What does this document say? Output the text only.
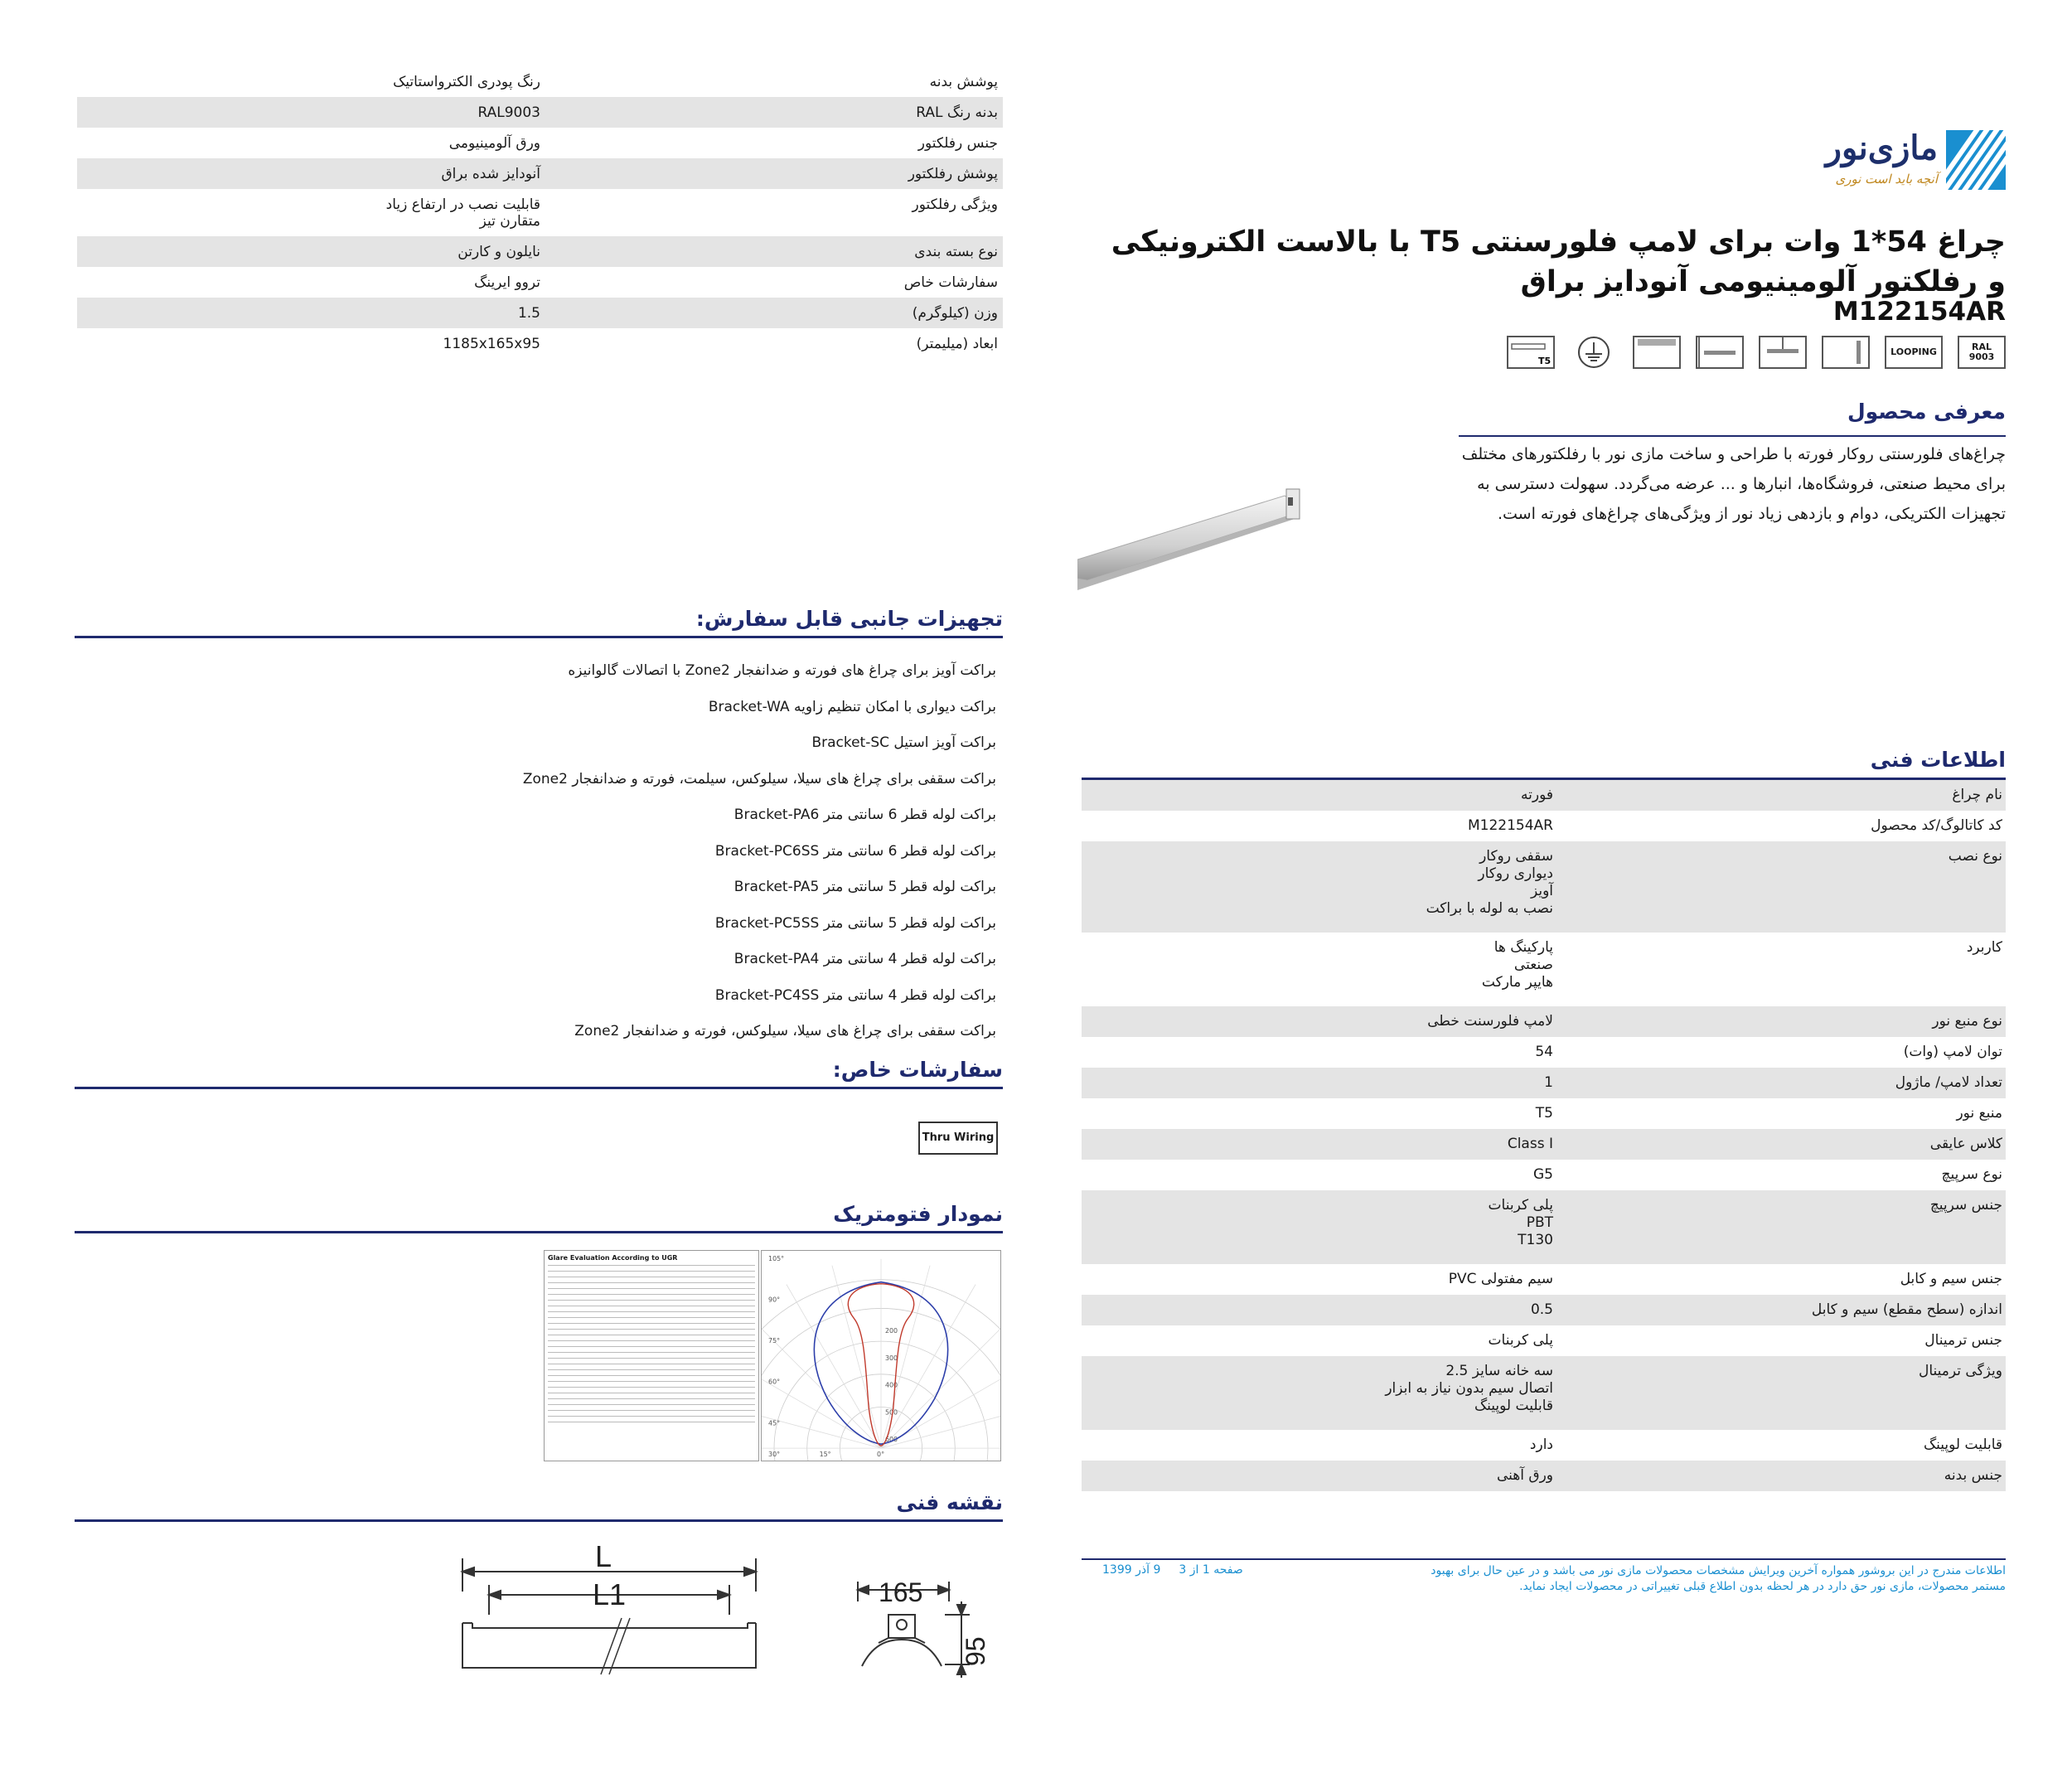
مازی‌نور
آنچه باید است نوری
چراغ 54*1 وات برای لامپ فلورسنتی T5 با بالاست الکترونیکی و رفلکتور آلومینیومی آنودایز براق
M122154AR
RAL
9003
LOOPING
T5
معرفی محصول
چراغ‌های فلورسنتی روکار فورته با طراحی و ساخت مازی نور با رفلکتورهای مختلف برای محیط صنعتی، فروشگاه‌ها، انبارها و ... عرضه می‌گردد. سهولت دسترسی به تجهیزات الکتریکی، دوام و بازدهی زیاد نور از ویژگی‌های چراغ‌های فورته است.
اطلاعات فنی
نام چراغ	فورته

کد کاتالوگ/کد محصول	M122154AR

نوع نصب	سقفی روکار
دیواری روکار
آویز
نصب به لوله با براکت

کاربرد	پارکینگ ها
صنعتی
هایپر مارکت

نوع منبع نور	لامپ فلورسنت خطی

توان لامپ (وات)	54

تعداد لامپ/ ماژول	1

منبع نور	T5

کلاس عایقی	Class I

نوع سرپیچ	G5

جنس سرپیچ	پلی کربنات
PBT
T130

جنس سیم و کابل	سیم مفتولی PVC

اندازه (سطح مقطع) سیم و کابل	0.5

جنس ترمینال	پلی کربنات

ویژگی ترمینال	سه خانه سایز 2.5
اتصال سیم بدون نیاز به ابزار
قابلیت لوپینگ

قابلیت لوپینگ	دارد

جنس بدنه	ورق آهنی
اطلاعات مندرج در این بروشور همواره آخرین ویرایش مشخصات محصولات مازی نور می باشد و در عین حال برای بهبود مستمر محصولات، مازی نور حق دارد در هر لحظه بدون اطلاع قبلی تغییراتی در محصولات ایجاد نماید.
صفحه 1 از 3
9 آذر 1399
پوشش بدنه	رنگ پودری الکترواستاتیک

بدنه رنگ RAL	RAL9003

جنس رفلکتور	ورق آلومینیومی

پوشش رفلکتور	آنودایز شده براق

ویژگی رفلکتور	قابلیت نصب در ارتفاع زیاد
متقارن تیز

نوع بسته بندی	نایلون و کارتن

سفارشات خاص	تروو ایرینگ

وزن (کیلوگرم)	1.5

ابعاد (میلیمتر)	1185x165x95
تجهیزات جانبی قابل سفارش:
براکت آویز برای چراغ های فورته و ضدانفجار Zone2 با اتصالات گالوانیزه
براکت دیواری با امکان تنظیم زاویه Bracket-WA
براکت آویز استیل Bracket-SC
براکت سقفی برای چراغ های سیلا، سیلوکس، سیلمت، فورته و ضدانفجار Zone2
براکت لوله قطر 6 سانتی متر Bracket-PA6
براکت لوله قطر 6 سانتی متر Bracket-PC6SS
براکت لوله قطر 5 سانتی متر Bracket-PA5
براکت لوله قطر 5 سانتی متر Bracket-PC5SS
براکت لوله قطر 4 سانتی متر Bracket-PA4
براکت لوله قطر 4 سانتی متر Bracket-PC4SS
براکت سقفی برای چراغ های سیلا، سیلوکس، فورته و ضدانفجار Zone2
سفارشات خاص:
Thru Wiring
نمودار فتومتریک
Glare Evaluation According to UGR	105°
90°
75°
60°
45°
30°	15°	0°
200
300
400
500
600
نقشه فنی
L
L1	165
95
